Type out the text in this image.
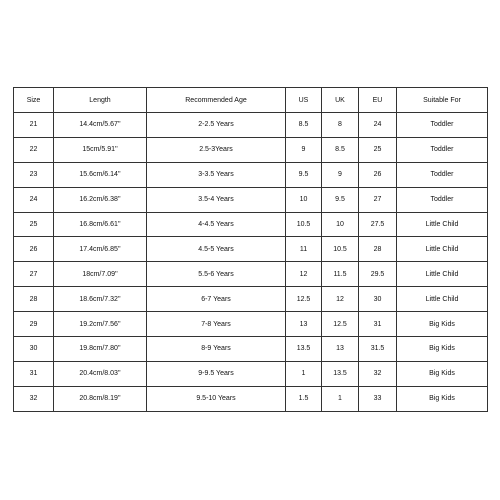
Size	Length	Recommended Age	US	UK	EU	Suitable For
21	14.4cm/5.67''	2-2.5 Years	8.5	8	24	Toddler
22	15cm/5.91''	2.5-3Years	9	8.5	25	Toddler
23	15.6cm/6.14''	3-3.5 Years	9.5	9	26	Toddler
24	16.2cm/6.38''	3.5-4 Years	10	9.5	27	Toddler
25	16.8cm/6.61''	4-4.5 Years	10.5	10	27.5	Little Child
26	17.4cm/6.85''	4.5-5 Years	11	10.5	28	Little Child
27	18cm/7.09''	5.5-6 Years	12	11.5	29.5	Little Child
28	18.6cm/7.32''	6-7 Years	12.5	12	30	Little Child
29	19.2cm/7.56''	7-8 Years	13	12.5	31	Big Kids
30	19.8cm/7.80''	8-9 Years	13.5	13	31.5	Big Kids
31	20.4cm/8.03''	9-9.5 Years	1	13.5	32	Big Kids
32	20.8cm/8.19''	9.5-10 Years	1.5	1	33	Big Kids
